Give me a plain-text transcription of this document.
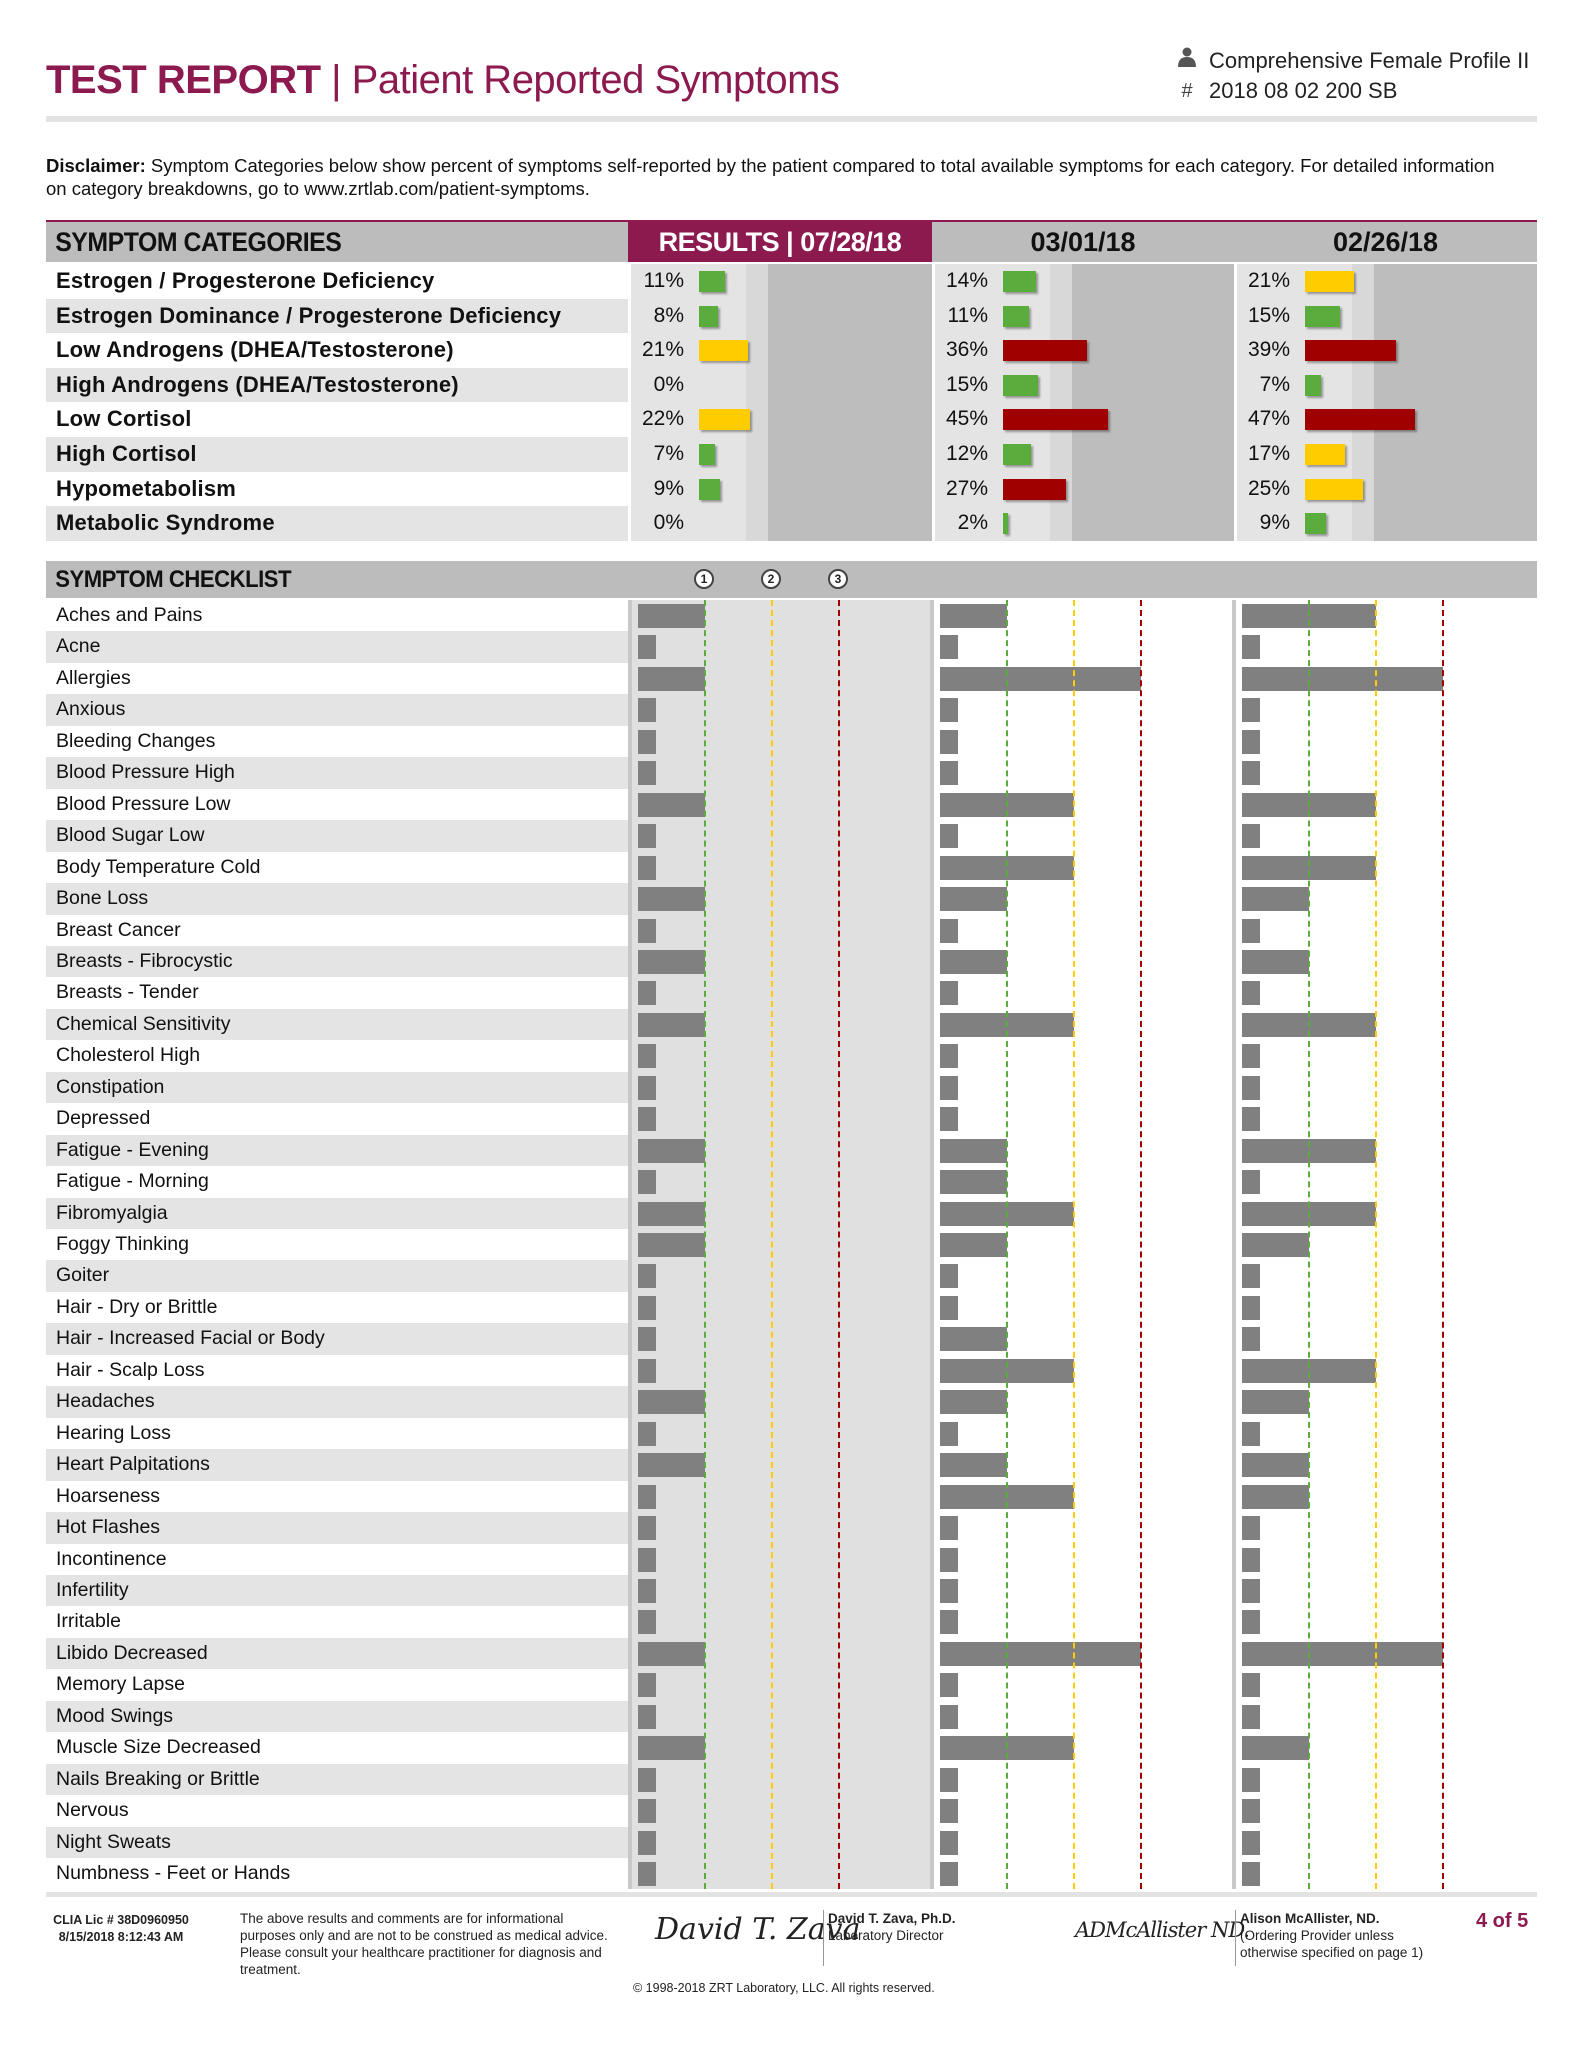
TEST REPORT | Patient Reported Symptoms	Comprehensive Female Profile II
# 2018 08 02 200 SB
Disclaimer: Symptom Categories below show percent of symptoms self-reported by the patient compared to total available symptoms for each category. For detailed information on category breakdowns, go to www.zrtlab.com/patient-symptoms.
SYMPTOM CATEGORIES	RESULTS | 07/28/18	03/01/18	02/26/18
Estrogen / Progesterone Deficiency	11%	14%	21%
Estrogen Dominance / Progesterone Deficiency	8%	11%	15%
Low Androgens (DHEA/Testosterone)	21%	36%	39%
High Androgens (DHEA/Testosterone)	0%	15%	7%
Low Cortisol	22%	45%	47%
High Cortisol	7%	12%	17%
Hypometabolism	9%	27%	25%
Metabolic Syndrome	0%	2%	9%
SYMPTOM CHECKLIST	1	2	3
Aches and Pains
Acne
Allergies
Anxious
Bleeding Changes
Blood Pressure High
Blood Pressure Low
Blood Sugar Low
Body Temperature Cold
Bone Loss
Breast Cancer
Breasts - Fibrocystic
Breasts - Tender
Chemical Sensitivity
Cholesterol High
Constipation
Depressed
Fatigue - Evening
Fatigue - Morning
Fibromyalgia
Foggy Thinking
Goiter
Hair - Dry or Brittle
Hair - Increased Facial or Body
Hair - Scalp Loss
Headaches
Hearing Loss
Heart Palpitations
Hoarseness
Hot Flashes
Incontinence
Infertility
Irritable
Libido Decreased
Memory Lapse
Mood Swings
Muscle Size Decreased
Nails Breaking or Brittle
Nervous
Night Sweats
Numbness - Feet or Hands
CLIA Lic # 38D0960950
8/15/2018 8:12:43 AM
The above results and comments are for informational purposes only and are not to be construed as medical advice. Please consult your healthcare practitioner for diagnosis and treatment.
David T. Zava
David T. Zava, Ph.D.
Laboratory Director	ADMcAllister ND.
Alison McAllister, ND.
(Ordering Provider unless otherwise specified on page 1)
4 of 5
© 1998-2018 ZRT Laboratory, LLC. All rights reserved.
